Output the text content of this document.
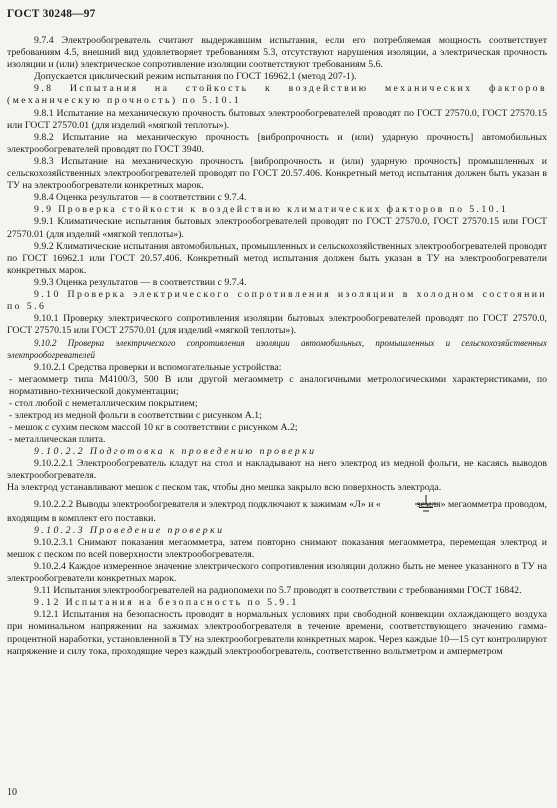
ГОСТ 30248—97

9.7.4 Электрообогреватель считают выдержавшим испытания, если его потребляемая мощность соответствует требованиям 4.5, внешний вид удовлетворяет требованиям 5.3, отсутствуют нарушения изоляции, а электрическая прочность изоляции и (или) электрическое сопротивление изоляции соответствуют требованиям 5.6.

Допускается циклический режим испытания по ГОСТ 16962.1 (метод 207-1).

9.8 Испытания на стойкость к воздействию механических факторов (механическую прочность) по 5.10.1

9.8.1 Испытание на механическую прочность бытовых электрообогревателей проводят по ГОСТ 27570.0, ГОСТ 27570.15 или ГОСТ 27570.01 (для изделий «мягкой теплоты»).

9.8.2 Испытание на механическую прочность [вибропрочность и (или) ударную прочность] автомобильных электрообогревателей проводят по ГОСТ 3940.

9.8.3 Испытание на механическую прочность [вибропрочность и (или) ударную прочность] промышленных и сельскохозяйственных электрообогревателей проводят по ГОСТ 20.57.406. Конкретный метод испытания должен быть указан в ТУ на электрообогреватели конкретных марок.

9.8.4 Оценка результатов — в соответствии с 9.7.4.

9.9 Проверка стойкости к воздействию климатических факторов по 5.10.1

9.9.1 Климатические испытания бытовых электрообогревателей проводят по ГОСТ 27570.0, ГОСТ 27570.15 или ГОСТ 27570.01 (для изделий «мягкой теплоты»).

9.9.2 Климатические испытания автомобильных, промышленных и сельскохозяйственных электрообогревателей проводят по ГОСТ 16962.1 или ГОСТ 20.57.406. Конкретный метод испытания должен быть указан в ТУ на электрообогреватели конкретных марок.

9.9.3 Оценка результатов — в соответствии с 9.7.4.

9.10 Проверка электрического сопротивления изоляции в холодном состоянии по 5.6

9.10.1 Проверку электрического сопротивления изоляции бытовых электрообогревателей проводят по ГОСТ 27570.0, ГОСТ 27570.15 или ГОСТ 27570.01 (для изделий «мягкой теплоты»).

9.10.2 Проверка электрического сопротивления изоляции автомобильных, промышленных и сельскохозяйственных электрообогревателей

9.10.2.1 Средства проверки и вспомогательные устройства:

- мегаомметр типа М4100/3, 500 В или другой мегаомметр с аналогичными метрологическими характеристиками, по нормативно-технической документации;

- стол любой с неметаллическим покрытием;

- электрод из медной фольги в соответствии с рисунком А.1;

- мешок с сухим песком массой 10 кг в соответствии с рисунком А.2;

- металлическая плита.

9.10.2.2 Подготовка к проведению проверки

9.10.2.2.1 Электрообогреватель кладут на стол и накладывают на него электрод из медной фольги, не касаясь выводов электрообогревателя.

На электрод устанавливают мешок с песком так, чтобы дно мешка закрыло всю поверхность электрода.

9.10.2.2.2 Выводы электрообогревателя и электрод подключают к зажимам «Л» и «	земля» мегаомметра проводом, входящим в комплект его поставки.

9.10.2.3 Проведение проверки

9.10.2.3.1 Снимают показания мегаомметра, затем повторно снимают показания мегаомметра, перемещая электрод и мешок с песком по всей поверхности электрообогревателя.

9.10.2.4 Каждое измеренное значение электрического сопротивления изоляции должно быть не менее указанного в ТУ на электрообогреватели конкретных марок.

9.11 Испытания электрообогревателей на радиопомехи по 5.7 проводят в соответствии с требованиями ГОСТ 16842.

9.12 Испытания на безопасность по 5.9.1

9.12.1 Испытания на безопасность проводят в нормальных условиях при свободной конвекции охлаждающего воздуха при номинальном напряжении на зажимах электрообогревателя в течение времени, соответствующего значению гамма-процентной наработки, установленной в ТУ на электрообогреватели конкретных марок. Через каждые 10—15 сут контролируют напряжение и силу тока, проходящие через каждый электрообогреватель, соответственно вольтметром и амперметром

10
